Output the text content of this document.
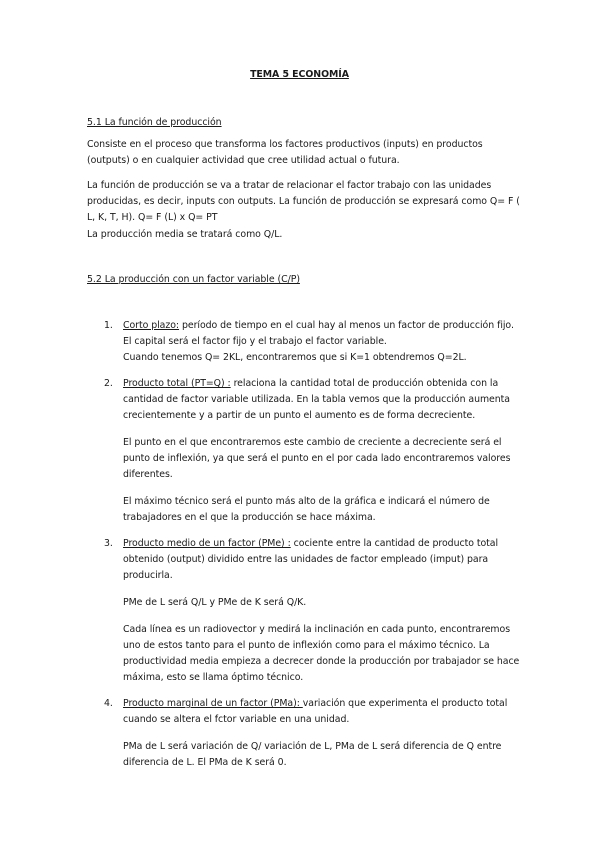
TEMA 5 ECONOMÍA
5.1 La función de producción

Consiste en el proceso que transforma los factores productivos (inputs) en productos (outputs) o en cualquier actividad que cree utilidad actual o futura.

La función de producción se va a tratar de relacionar el factor trabajo con las unidades producidas, es decir, inputs con outputs. La función de producción se expresará como Q= F ( L, K, T, H). Q= F (L) x Q= PT

La producción media se tratará como Q/L.

5.2 La producción con un factor variable (C/P)
1. Corto plazo: período de tiempo en el cual hay al menos un factor de producción fijo. El capital será el factor fijo y el trabajo el factor variable.
Cuando tenemos Q= 2KL, encontraremos que si K=1 obtendremos Q=2L.
2. Producto total (PT=Q) : relaciona la cantidad total de producción obtenida con la cantidad de factor variable utilizada. En la tabla vemos que la producción aumenta crecientemente y a partir de un punto el aumento es de forma decreciente.
El punto en el que encontraremos este cambio de creciente a decreciente será el punto de inflexión, ya que será el punto en el por cada lado encontraremos valores diferentes.
El máximo técnico será el punto más alto de la gráfica e indicará el número de trabajadores en el que la producción se hace máxima.
3. Producto medio de un factor (PMe) : cociente entre la cantidad de producto total obtenido (output) dividido entre las unidades de factor empleado (imput) para producirla.
PMe de L será Q/L y PMe de K será Q/K.
Cada línea es un radiovector y medirá la inclinación en cada punto, encontraremos uno de estos tanto para el punto de inflexión como para el máximo técnico. La productividad media empieza a decrecer donde la producción por trabajador se hace máxima, esto se llama óptimo técnico.
4. Producto marginal de un factor (PMa): variación que experimenta el producto total cuando se altera el fctor variable en una unidad.
PMa de L será variación de Q/ variación de L, PMa de L será diferencia de Q entre diferencia de L. El PMa de K será 0.
